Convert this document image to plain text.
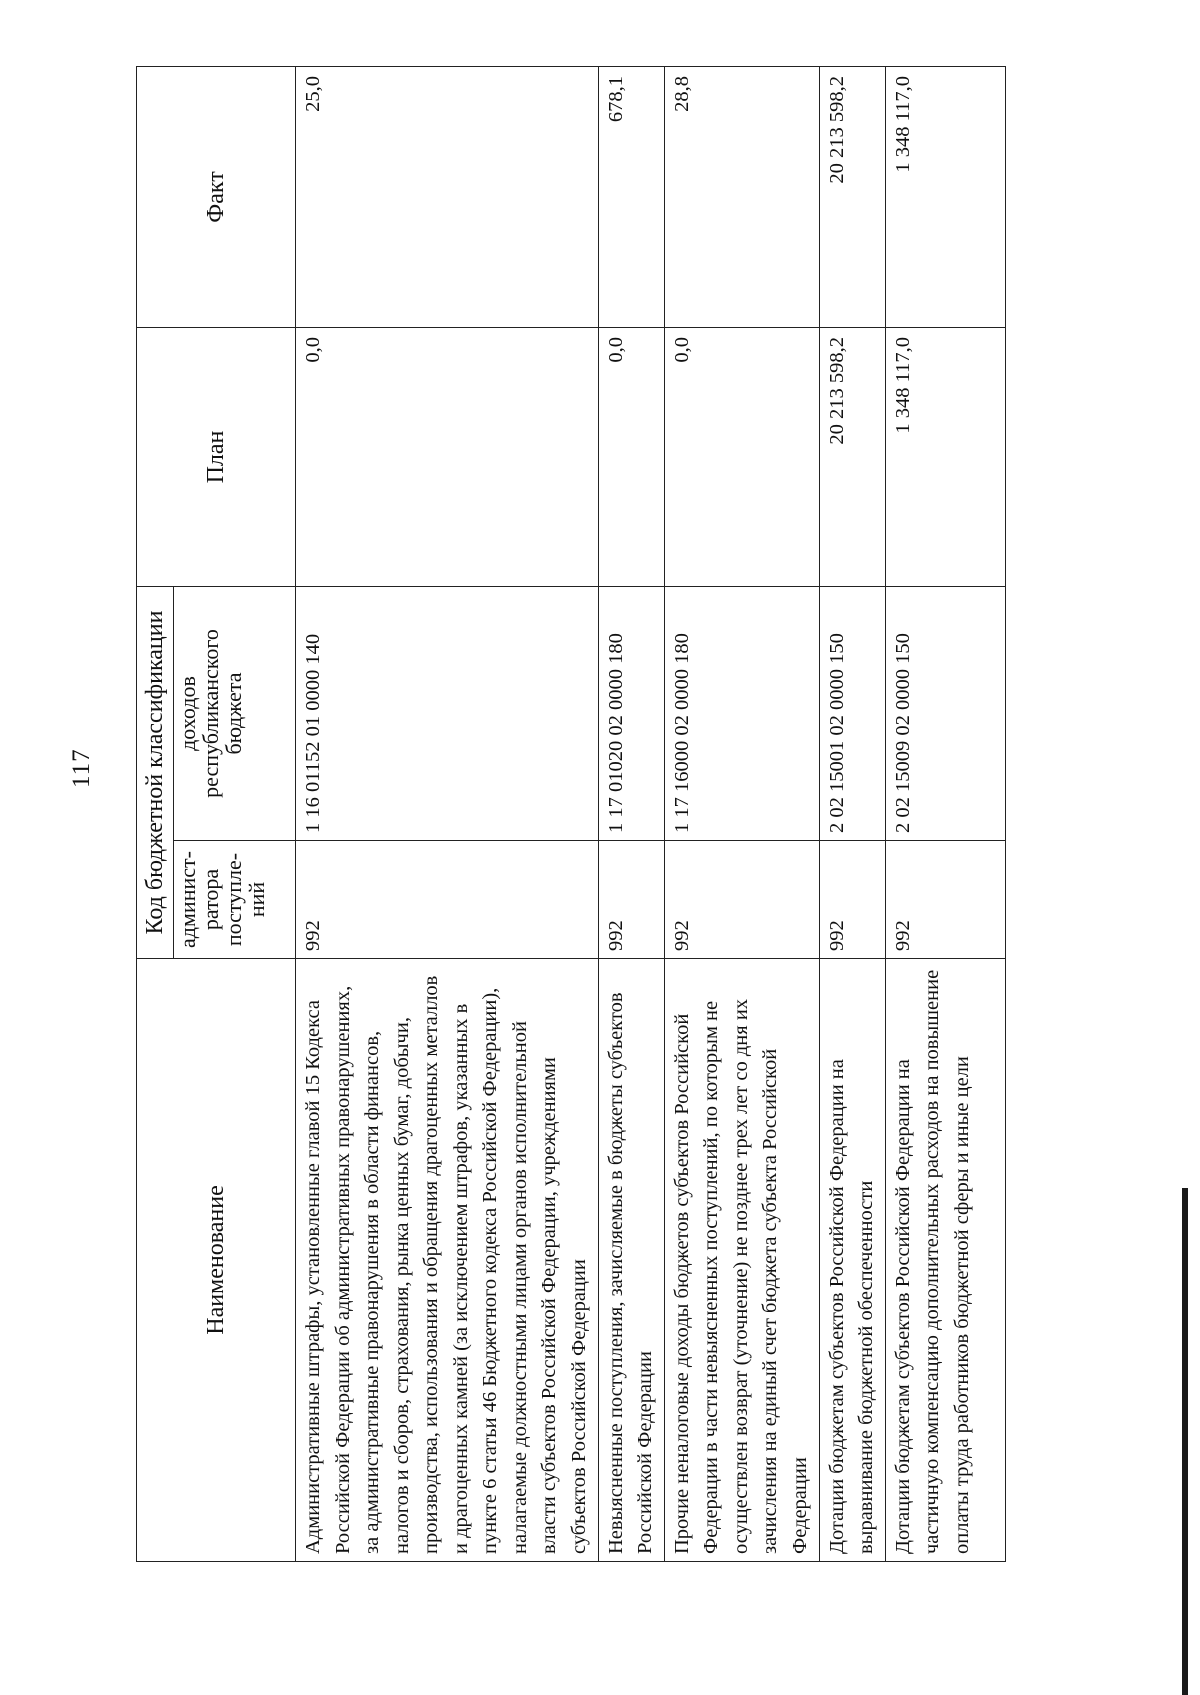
117
Наименование	Код бюджетной классификации		План	Факт
	админист-ратора поступле-ний	доходов республиканского бюджета		
Административные штрафы, установленные главой 15 Кодекса Российской Федерации об административных правонарушениях, за административные правонарушения в области финансов, налогов и сборов, страхования, рынка ценных бумаг, добычи, производства, использования и обращения драгоценных металлов и драгоценных камней (за исключением штрафов, указанных в пункте 6 статьи 46 Бюджетного кодекса Российской Федерации), налагаемые должностными лицами органов исполнительной власти субъектов Российской Федерации, учреждениями субъектов Российской Федерации	992	1 16 01152 01 0000 140	0,0	25,0
Невыясненные поступления, зачисляемые в бюджеты субъектов Российской Федерации	992	1 17 01020 02 0000 180	0,0	678,1
Прочие неналоговые доходы бюджетов субъектов Российской Федерации в части невыясненных поступлений, по которым не осуществлен возврат (уточнение) не позднее трех лет со дня их зачисления на единый счет бюджета субъекта Российской Федерации	992	1 17 16000 02 0000 180	0,0	28,8
Дотации бюджетам субъектов Российской Федерации на выравнивание бюджетной обеспеченности	992	2 02 15001 02 0000 150	20 213 598,2	20 213 598,2
Дотации бюджетам субъектов Российской Федерации на частичную компенсацию дополнительных расходов на повышение оплаты труда работников бюджетной сферы и иные цели	992	2 02 15009 02 0000 150	1 348 117,0	1 348 117,0
